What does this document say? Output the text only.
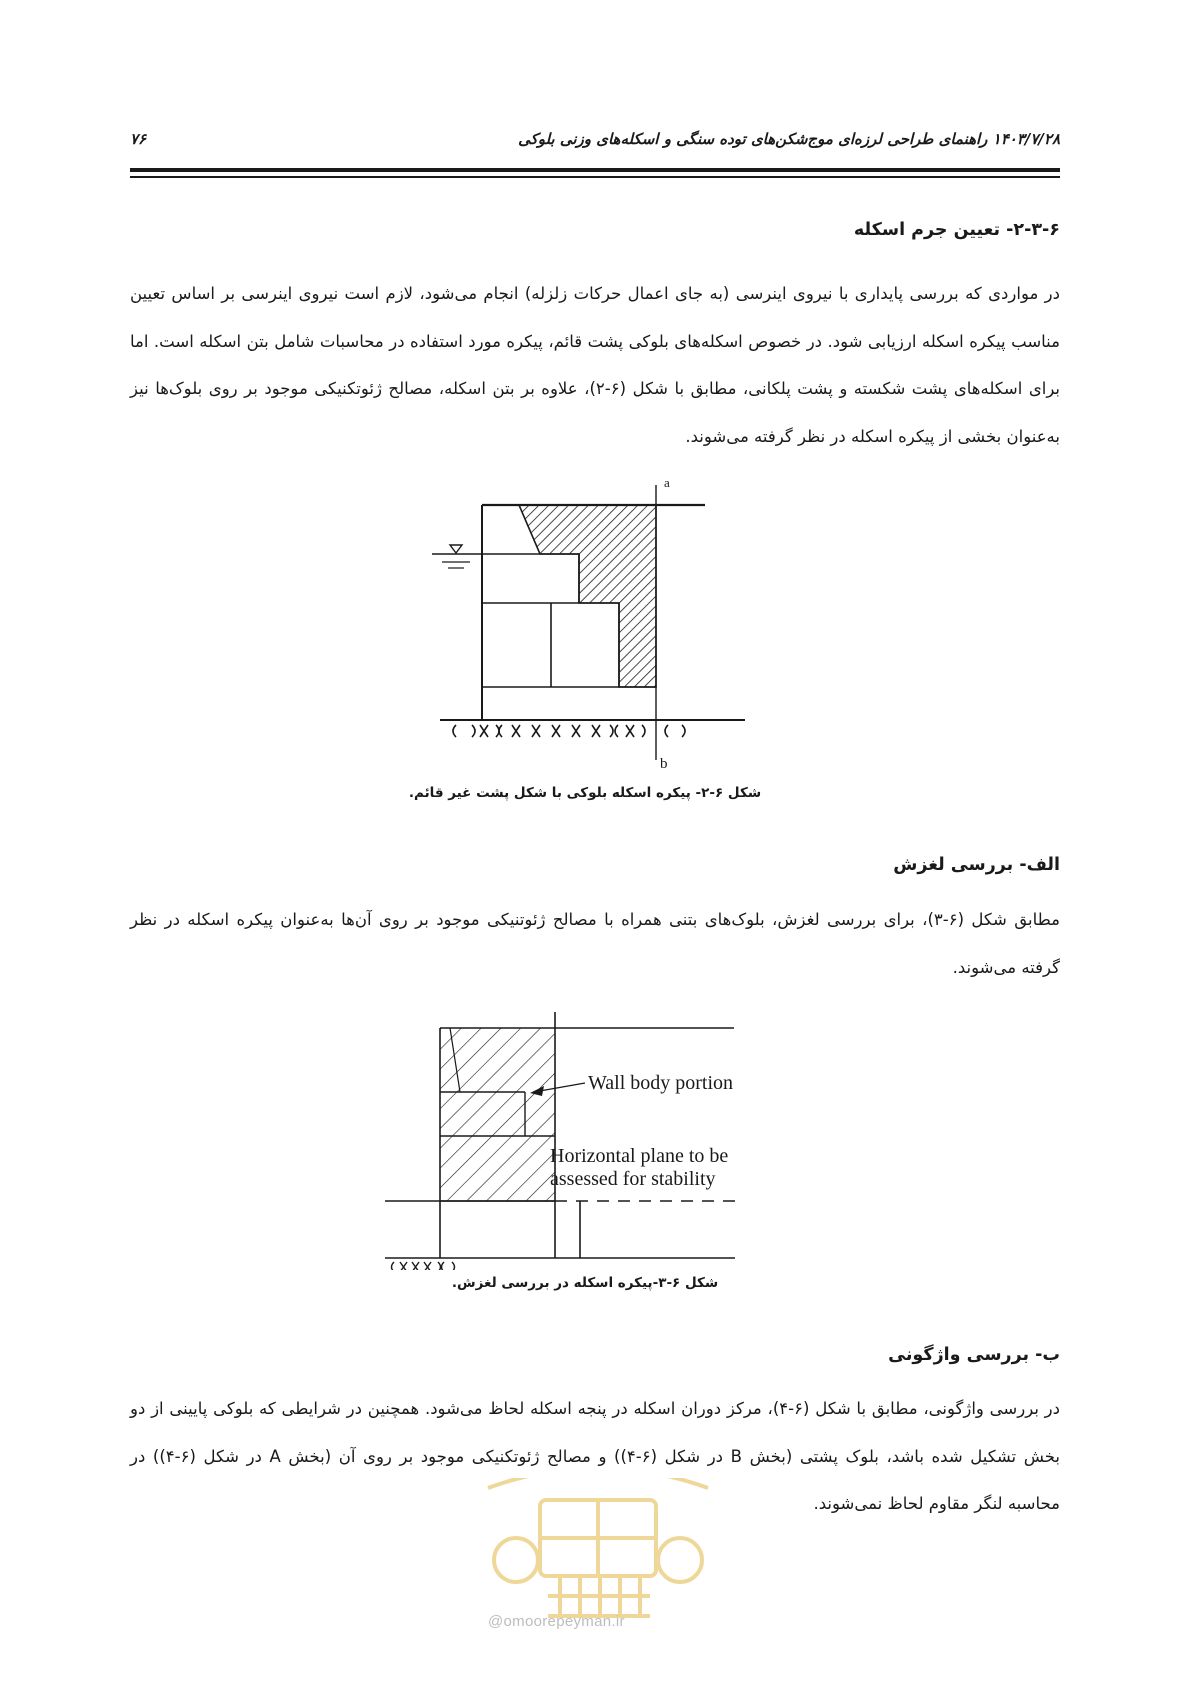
۷۶	۱۴۰۳/۷/۲۸ راهنمای طراحی لرزه‌ای موج‌شکن‌های توده سنگی و اسکله‌های وزنی بلوکی
۲-۳-۶- تعیین جرم اسکله
در مواردی که بررسی پایداری با نیروی اینرسی (به جای اعمال حرکات زلزله) انجام می‌شود، لازم است نیروی اینرسی بر اساس تعیین مناسب پیکره اسکله ارزیابی شود. در خصوص اسکله‌های بلوکی پشت قائم، پیکره مورد استفاده در محاسبات شامل بتن اسکله است. اما برای اسکله‌های پشت شکسته و پشت پلکانی، مطابق با شکل (۶-۲)، علاوه بر بتن اسکله، مصالح ژئوتکنیکی موجود بر روی بلوک‌ها نیز به‌عنوان بخشی از پیکره اسکله در نظر گرفته می‌شوند.
a
b
شکل ۶-۲- پیکره اسکله بلوکی با شکل پشت غیر قائم.
الف- بررسی لغزش
مطابق شکل (۶-۳)، برای بررسی لغزش، بلوک‌های بتنی همراه با مصالح ژئوتنیکی موجود بر روی آن‌ها به‌عنوان پیکره اسکله در نظر گرفته می‌شوند.
Wall body portion
Horizontal plane to be
assessed for stability
شکل ۶-۳-پیکره اسکله در بررسی لغزش.
ب- بررسی واژگونی
در بررسی واژگونی، مطابق با شکل (۶-۴)، مرکز دوران اسکله در پنجه اسکله لحاظ می‌شود. همچنین در شرایطی که بلوکی پایینی از دو بخش تشکیل شده باشد، بلوک پشتی (بخش B در شکل (۶-۴)) و مصالح ژئوتکنیکی موجود بر روی آن (بخش A در شکل (۶-۴)) در محاسبه لنگر مقاوم لحاظ نمی‌شوند.
@omoorepeyman.ir
